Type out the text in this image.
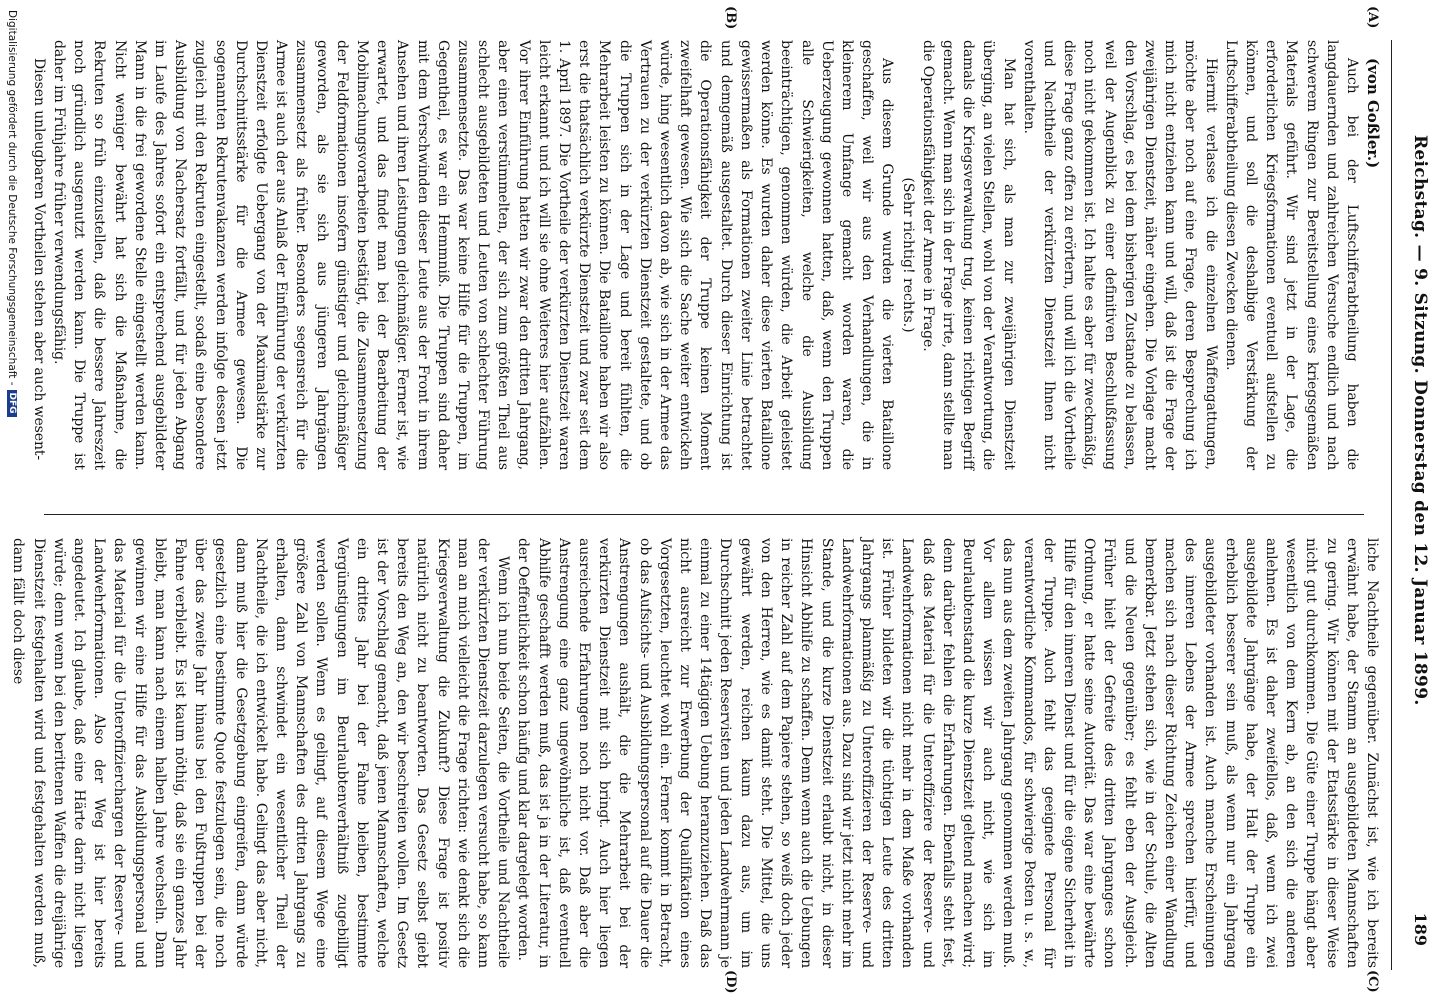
Reichstag. — 9. Sitzung. Donnerstag den 12. Januar 1899.
189
(A)
(B)
(C)
(D)
(von Goßler.)

Auch bei der Luftschifferabtheilung haben die langdauernden und zahlreichen Versuche endlich und nach schwerem Ringen zur Bereitstellung eines kriegsgemäßen Materials geführt. Wir sind jetzt in der Lage, die erforderlichen Kriegsformationen eventuell aufstellen zu können, und soll die deshalbige Verstärkung der Luftschifferabtheilung diesen Zwecken dienen.

Hiermit verlasse ich die einzelnen Waffengattungen, möchte aber noch auf eine Frage, deren Besprechung ich mich nicht entziehen kann und will, daß ist die Frage der zweijährigen Dienstzeit, näher eingehen. Die Vorlage macht den Vorschlag, es bei dem bisherigen Zustande zu belassen, weil der Augenblick zu einer definitiven Beschlußfassung noch nicht gekommen ist. Ich halte es aber für zweckmäßig, diese Frage ganz offen zu erörtern, und will ich die Vortheile und Nachtheile der verkürzten Dienstzeit Ihnen nicht vorenthalten.

Man hat sich, als man zur zweijährigen Dienstzeit überging, an vielen Stellen, wohl von der Verantwortung, die damals die Kriegsverwaltung trug, keinen richtigen Begriff gemacht. Wenn man sich in der Frage irrte, dann stellte man die Operationsfähigkeit der Armee in Frage.

(Sehr richtig! rechts.)

Aus diesem Grunde wurden die vierten Bataillone geschaffen, weil wir aus den Verhandlungen, die in kleinerem Umfange gemacht worden waren, die Ueberzeugung gewonnen hatten, daß, wenn den Truppen alle Schwierigkeiten, welche die Ausbildung beeinträchtigen, genommen würden, die Arbeit geleistet werden könne. Es wurden daher diese vierten Bataillone gewissermaßen als Formationen zweiter Linie betrachtet und demgemäß ausgestaltet. Durch dieser Einrichtung ist die Operationsfähigkeit der Truppe keinen Moment zweifelhaft gewesen. Wie sich die Sache weiter entwickeln würde, hing wesentlich davon ab, wie sich in der Armee das Vertrauen zu der verkürzten Dienstzeit gestaltete, und ob die Truppen sich in der Lage und bereit fühlten, die Mehrarbeit leisten zu können. Die Bataillone haben wir also erst die thatsächlich verkürzte Dienstzeit und zwar seit dem 1. April 1897. Die Vortheile der verkürzten Dienstzeit waren leicht erkannt und ich will sie ohne Weiteres hier aufzählen. Vor ihrer Einführung hatten wir zwar den dritten Jahrgang, aber einen verstümmelten, der sich zum größten Theil aus schlecht ausgebildeten und Leuten von schlechter Führung zusammensetzte. Das war keine Hilfe für die Truppen, im Gegentheil, es war ein Hemmniß. Die Truppen sind daher mit dem Verschwinden dieser Leute aus der Front in ihrem Ansehen und ihren Leistungen gleichmäßiger. Ferner ist, wie erwartet, und das findet man bei der Bearbeitung der Mobilmachungsvorarbeiten bestätigt, die Zusammensetzung der Feldformationen insofern günstiger und gleichmäßiger geworden, als sie sich aus jüngeren Jahrgängen zusammensetzt als früher. Besonders segensreich für die Armee ist auch der aus Anlaß der Einführung der verkürzten Dienstzeit erfolgte Uebergang von der Maximalstärke zur Durchschnittsstärke für die Armee gewesen. Die sogenannten Rekrutenvakanzen werden infolge dessen jetzt zugleich mit den Rekruten eingestellt, sodaß eine besondere Ausbildung von Nachersatz fortfällt, und für jeden Abgang im Laufe des Jahres sofort ein entsprechend ausgebildeter Mann in die frei gewordene Stelle eingestellt werden kann. Nicht weniger bewährt hat sich die Maßnahme, die Rekruten so früh einzustellen, daß die bessere Jahreszeit noch gründlich ausgenutzt werden kann. Die Truppe ist daher im Frühjahre früher verwendungsfähig.

Diesen unleugbaren Vortheilen stehen aber auch wesent-

liche Nachtheile gegenüber. Zunächst ist, wie ich bereits erwähnt habe, der Stamm an ausgebildeten Mannschaften zu gering. Wir können mit der Etatsstärke in dieser Weise nicht gut durchkommen. Die Güte einer Truppe hängt aber wesentlich von dem Kern ab, an den sich die anderen anlehnen. Es ist daher zweifellos, daß, wenn ich zwei ausgebildete Jahrgänge habe, der Halt der Truppe ein erheblich besserer sein muß, als wenn nur ein Jahrgang ausgebildeter vorhanden ist. Auch manche Erscheinungen des inneren Lebens der Armee sprechen hierfür, und machen sich nach dieser Richtung Zeichen einer Wandlung bemerkbar. Jetzt stehen sich, wie in der Schule, die Alten und die Neuen gegenüber; es fehlt eben der Ausgleich. Früher hielt der Gefreite des dritten Jahrganges schon Ordnung, er hatte seine Autorität. Das war eine bewährte Hilfe für den inneren Dienst und für die eigene Sicherheit in der Truppe. Auch fehlt das geeignete Personal für verantwortliche Kommandos, für schwierige Posten u. s. w., das nun aus dem zweiten Jahrgang genommen werden muß. Vor allem wissen wir auch nicht, wie sich im Beurlaubtenstand die kurze Dienstzeit geltend machen wird; denn darüber fehlen die Erfahrungen. Ebenfalls steht fest, daß das Material für die Unteroffiziere der Reserve- und Landwehrformationen nicht mehr in dem Maße vorhanden ist. Früher bildeten wir die tüchtigen Leute des dritten Jahrgangs planmäßig zu Unteroffizieren der Reserve- und Landwehrformationen aus. Dazu sind wir jetzt nicht mehr im Stande, und die kurze Dienstzeit erlaubt nicht, in dieser Hinsicht Abhilfe zu schaffen. Denn wenn auch die Uebungen in reicher Zahl auf dem Papiere stehen, so weiß doch jeder von den Herren, wie es damit steht. Die Mittel, die uns gewährt werden, reichen kaum dazu aus, um im Durchschnitt jeden Reservisten und jeden Landwehrmann je einmal zu einer 14tägigen Uebung heranzuziehen. Daß das nicht ausreicht zur Erwerbung der Qualifikation eines Vorgesetzten, leuchtet wohl ein. Ferner kommt in Betracht, ob das Aufsichts- und Ausbildungspersonal auf die Dauer die Anstrengungen aushält, die die Mehrarbeit bei der verkürzten Dienstzeit mit sich bringt. Auch hier liegen ausreichende Erfahrungen noch nicht vor. Daß aber die Anstrengung eine ganz ungewöhnliche ist, daß eventuell Abhilfe geschafft werden muß, das ist ja in der Literatur, in der Oeffentlichkeit schon häufig und klar dargelegt worden.

Wenn ich nun beide Seiten, die Vortheile und Nachtheile der verkürzten Dienstzeit darzulegen versucht habe, so kann man an mich vielleicht die Frage richten: wie denkt sich die Kriegsverwaltung die Zukunft? Diese Frage ist positiv natürlich nicht zu beantworten. Das Gesetz selbst giebt bereits den Weg an, den wir beschreiten wollen. Im Gesetz ist der Vorschlag gemacht, daß jenen Mannschaften, welche ein drittes Jahr bei der Fahne bleiben, bestimmte Vergünstigungen im Beurlaubtenverhältniß zugebilligt werden sollen. Wenn es gelingt, auf diesem Wege eine größere Zahl von Mannschaften des dritten Jahrgangs zu erhalten, dann schwindet ein wesentlicher Theil der Nachtheile, die ich entwickelt habe. Gelingt das aber nicht, dann muß hier die Gesetzgebung eingreifen, dann würde gesetzlich eine bestimmte Quote festzulegen sein, die noch über das zweite Jahr hinaus bei den Fußtruppen bei der Fahne verbleibt. Es ist kaum nöthig, daß sie ein ganzes Jahr bleibt, man kann nach einem halben Jahre wechseln. Dann gewinnen wir eine Hilfe für das Ausbildungspersonal und das Material für die Unteroffizierchargen der Reserve- und Landwehrformationen. Also der Weg ist hier bereits angedeutet. Ich glaube, daß eine Härte darin nicht liegen würde; denn wenn bei den berittenen Waffen die dreijährige Dienstzeit festgehalten wird und festgehalten werden muß, dann fällt doch diese

Digitalisierung gefördert durch die Deutsche Forschungsgemeinschaft -DFG
